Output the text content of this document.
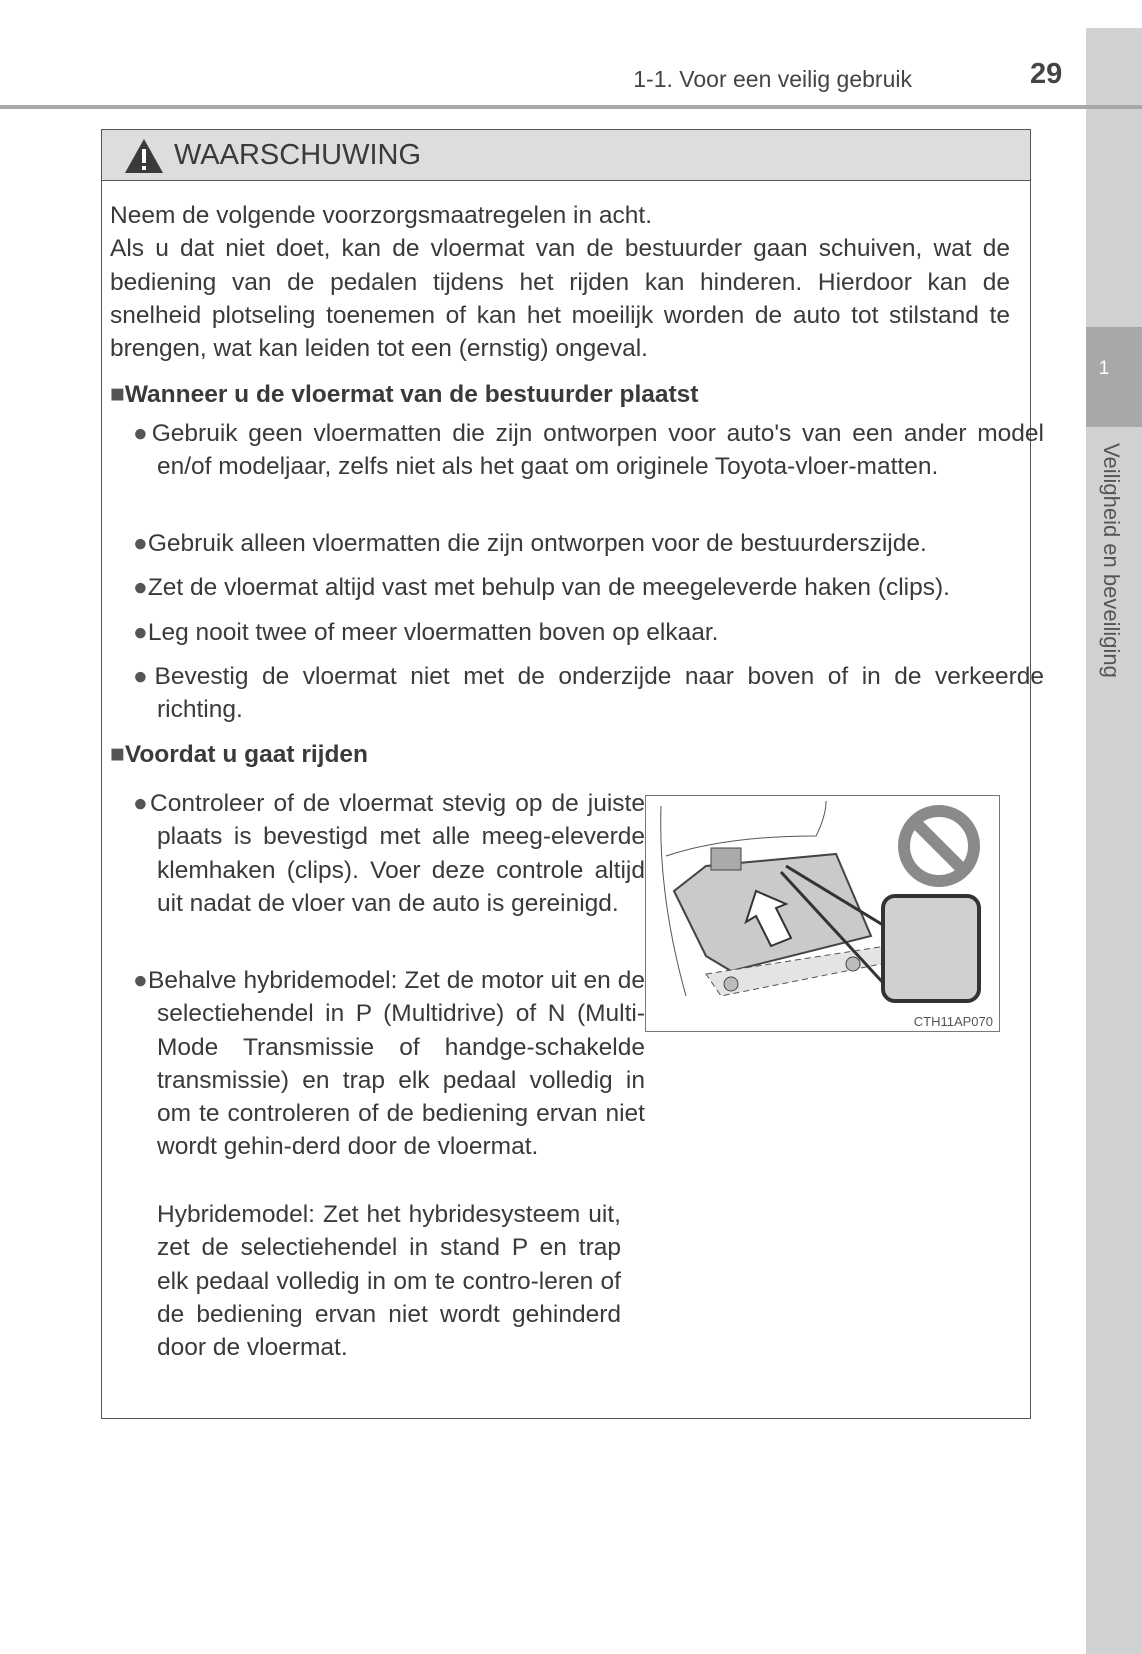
1
Veiligheid en beveiliging
1-1. Voor een veilig gebruik	29
WAARSCHUWING
Neem de volgende voorzorgsmaatregelen in acht.
Als u dat niet doet, kan de vloermat van de bestuurder gaan schuiven, wat de bediening van de pedalen tijdens het rijden kan hinderen. Hierdoor kan de snelheid plotseling toenemen of kan het moeilijk worden de auto tot stilstand te brengen, wat kan leiden tot een (ernstig) ongeval.
■Wanneer u de vloermat van de bestuurder plaatst
●Gebruik geen vloermatten die zijn ontworpen voor auto's van een ander model en/of modeljaar, zelfs niet als het gaat om originele Toyota-vloer-matten.
●Gebruik alleen vloermatten die zijn ontworpen voor de bestuurderszijde.
●Zet de vloermat altijd vast met behulp van de meegeleverde haken (clips).
●Leg nooit twee of meer vloermatten boven op elkaar.
●Bevestig de vloermat niet met de onderzijde naar boven of in de verkeerde richting.
■Voordat u gaat rijden
●Controleer of de vloermat stevig op de juiste plaats is bevestigd met alle meeg-eleverde klemhaken (clips). Voer deze controle altijd uit nadat de vloer van de auto is gereinigd.
●Behalve hybridemodel: Zet de motor uit en de selectiehendel in P (Multidrive) of N (Multi-Mode Transmissie of handge-schakelde transmissie) en trap elk pedaal volledig in om te controleren of de bediening ervan niet wordt gehin-derd door de vloermat.
Hybridemodel: Zet het hybridesysteem uit, zet de selectiehendel in stand P en trap elk pedaal volledig in om te contro-leren of de bediening ervan niet wordt gehinderd door de vloermat.
CTH11AP070
